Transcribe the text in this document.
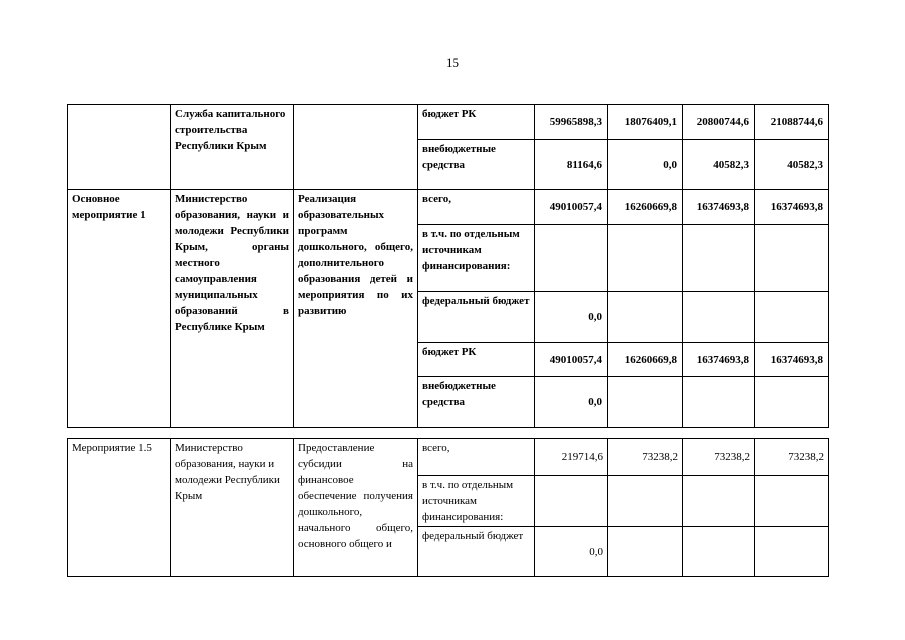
15
	Служба капитального строительства Республики Крым		бюджет РК	59965898,3	18076409,1	20800744,6	21088744,6
			внебюджетные средства	81164,6	0,0	40582,3	40582,3
Основное мероприятие 1	Министерство образования, науки и молодежи Республики Крым, органы местного самоуправления муниципальных образований в Республике Крым	Реализация образовательных программ дошкольного, общего, дополнительного образования детей и мероприятия по их развитию	всего,	49010057,4	16260669,8	16374693,8	16374693,8
			в т.ч. по отдельным источникам финансирования:				
			федеральный бюджет	0,0			
			бюджет РК	49010057,4	16260669,8	16374693,8	16374693,8
			внебюджетные средства	0,0			
Мероприятие 1.5	Министерство образования, науки и молодежи Республики Крым	Предоставление субсидии на финансовое обеспечение получения дошкольного, начального общего, основного общего и	всего,	219714,6	73238,2	73238,2	73238,2
			в т.ч. по отдельным источникам финансирования:				
			федеральный бюджет	0,0			
